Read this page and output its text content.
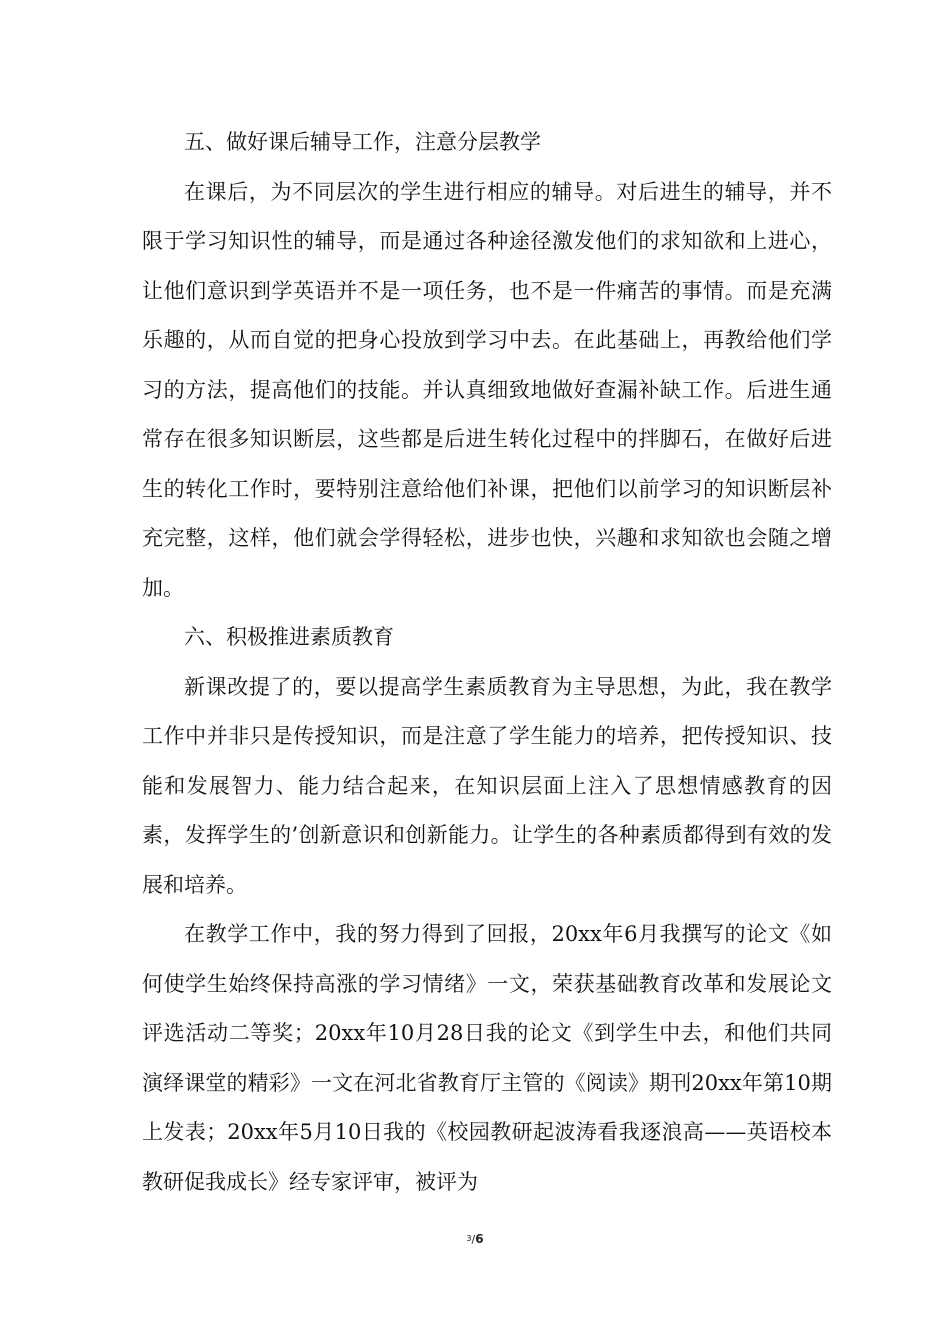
五、做好课后辅导工作，注意分层教学

在课后，为不同层次的学生进行相应的辅导。对后进生的辅导，并不限于学习知识性的辅导，而是通过各种途径激发他们的求知欲和上进心，让他们意识到学英语并不是一项任务，也不是一件痛苦的事情。而是充满乐趣的，从而自觉的把身心投放到学习中去。在此基础上，再教给他们学习的方法，提高他们的技能。并认真细致地做好查漏补缺工作。后进生通常存在很多知识断层，这些都是后进生转化过程中的拌脚石，在做好后进生的转化工作时，要特别注意给他们补课，把他们以前学习的知识断层补充完整，这样，他们就会学得轻松，进步也快，兴趣和求知欲也会随之增加。

六、积极推进素质教育

新课改提了的，要以提高学生素质教育为主导思想，为此，我在教学工作中并非只是传授知识，而是注意了学生能力的培养，把传授知识、技能和发展智力、能力结合起来，在知识层面上注入了思想情感教育的因素，发挥学生的’创新意识和创新能力。让学生的各种素质都得到有效的发展和培养。

在教学工作中，我的努力得到了回报，20xx年6月我撰写的论文《如何使学生始终保持高涨的学习情绪》一文，荣获基础教育改革和发展论文评选活动二等奖；20xx年10月28日我的论文《到学生中去，和他们共同演绎课堂的精彩》一文在河北省教育厅主管的《阅读》期刊20xx年第10期上发表；20xx年5月10日我的《校园教研起波涛看我逐浪高——英语校本教研促我成长》经专家评审，被评为

3/6
